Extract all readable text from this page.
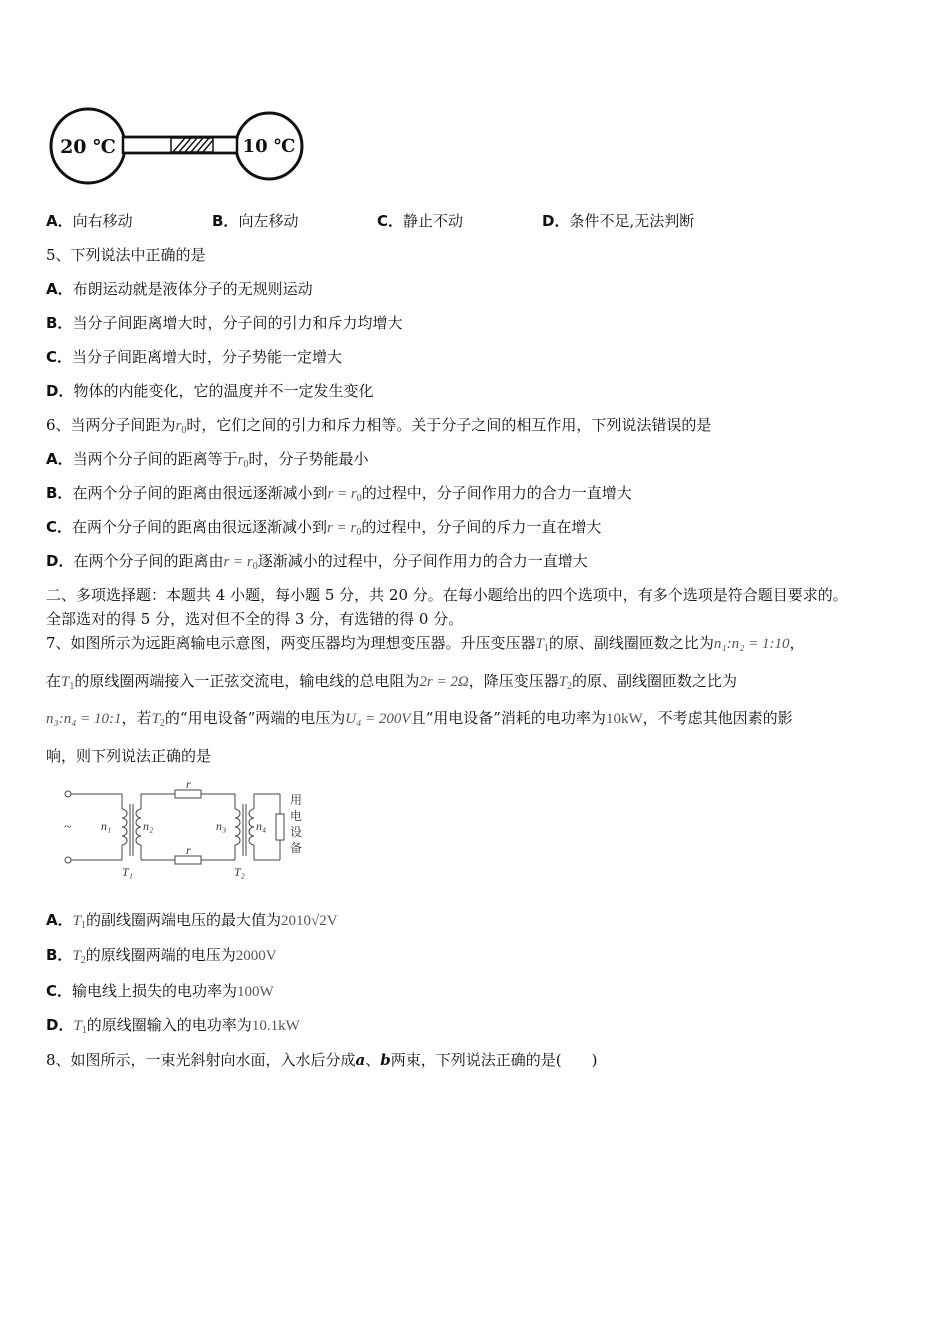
20 ℃	10 ℃
A．向右移动	B．向左移动	C．静止不动	D．条件不足,无法判断
5、下列说法中正确的是
A．布朗运动就是液体分子的无规则运动
B．当分子间距离增大时，分子间的引力和斥力均增大
C．当分子间距离增大时，分子势能一定增大
D．物体的内能变化，它的温度并不一定发生变化
6、当两分子间距为$r_0$时，它们之间的引力和斥力相等。关于分子之间的相互作用，下列说法错误的是
A．当两个分子间的距离等于$r_0$时，分子势能最小
B．在两个分子间的距离由很远逐渐减小到$r = r_0$的过程中，分子间作用力的合力一直增大
C．在两个分子间的距离由很远逐渐减小到$r = r_0$的过程中，分子间的斥力一直在增大
D．在两个分子间的距离由$r = r_0$逐渐减小的过程中，分子间作用力的合力一直增大
二、多项选择题：本题共 4 小题，每小题 5 分，共 20 分。在每小题给出的四个选项中，有多个选项是符合题目要求的。
全部选对的得 5 分，选对但不全的得 3 分，有选错的得 0 分。
7、如图所示为远距离输电示意图，两变压器均为理想变压器。升压变压器$T_1$的原、副线圈匝数之比为n₁:n₂ = 1:10，
在$T_1$的原线圈两端接入一正弦交流电，输电线的总电阻为2r = 2Ω，降压变压器$T_2$的原、副线圈匝数之比为
n₃:n₄ = 10:1，若$T_2$的“用电设备”两端的电压为U₄ = 200V且“用电设备”消耗的电功率为10kW，不考虑其他因素的影
响，则下列说法正确的是
~ n₁	n₂	n₃ n₄
r
r
T₁	T₂
用
电
设
备
A．$T_1$的副线圈两端电压的最大值为2010√2V
B．$T_2$的原线圈两端的电压为2000V
C．输电线上损失的电功率为100W
D．$T_1$的原线圈输入的电功率为10.1kW
8、如图所示，一束光斜射向水面，入水后分成a、b两束，下列说法正确的是(　　)
